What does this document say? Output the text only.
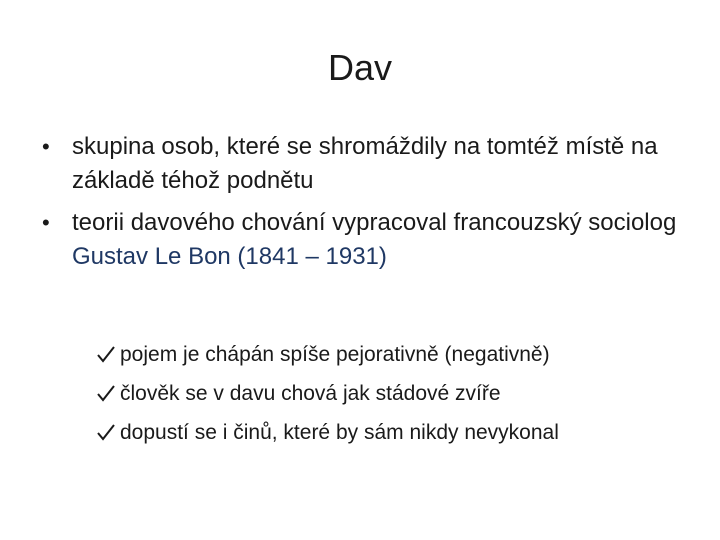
Dav
• skupina osob, které se shromáždily na tomtéž místě na základě téhož podnětu
• teorii davového chování vypracoval francouzský sociolog Gustav Le Bon (1841 – 1931)
pojem je chápán spíše pejorativně (negativně)
člověk se v davu chová jak stádové zvíře
dopustí se i činů, které by sám nikdy nevykonal
